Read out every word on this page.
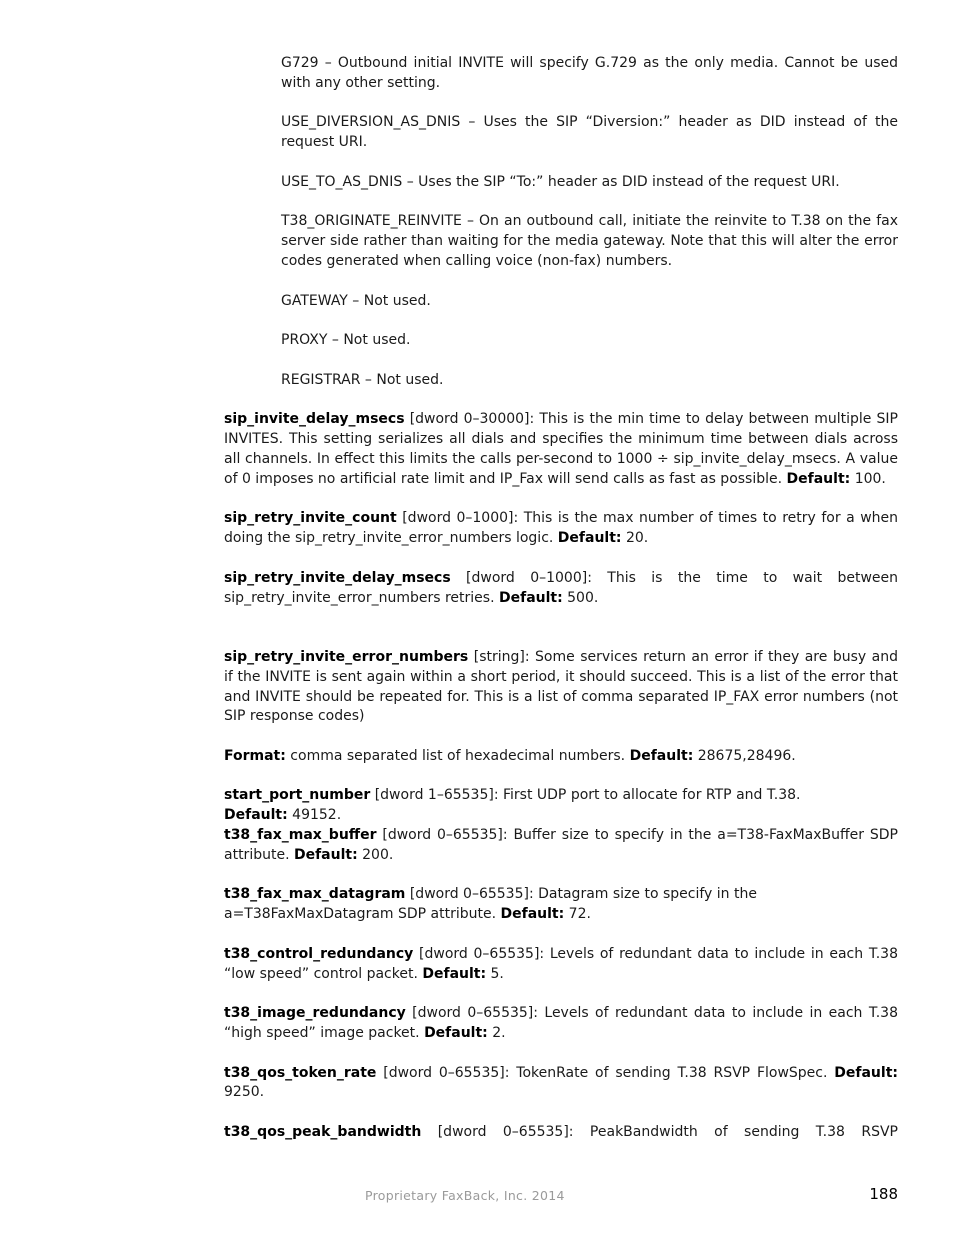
G729 – Outbound initial INVITE will specify G.729 as the only media. Cannot be used with any other setting.

USE_DIVERSION_AS_DNIS – Uses the SIP “Diversion:” header as DID instead of the request URI.

USE_TO_AS_DNIS – Uses the SIP “To:” header as DID instead of the request URI.

T38_ORIGINATE_REINVITE – On an outbound call, initiate the reinvite to T.38 on the fax server side rather than waiting for the media gateway. Note that this will alter the error codes generated when calling voice (non-fax) numbers.

GATEWAY – Not used.

PROXY – Not used.

REGISTRAR – Not used.

sip_invite_delay_msecs [dword 0–30000]: This is the min time to delay between multiple SIP INVITES. This setting serializes all dials and specifies the minimum time between dials across all channels. In effect this limits the calls per-second to 1000 ÷ sip_invite_delay_msecs. A value of 0 imposes no artificial rate limit and IP_Fax will send calls as fast as possible. Default: 100.

sip_retry_invite_count [dword 0–1000]: This is the max number of times to retry for a when doing the sip_retry_invite_error_numbers logic. Default: 20.

sip_retry_invite_delay_msecs [dword 0–1000]: This is the time to wait between sip_retry_invite_error_numbers retries. Default: 500.

sip_retry_invite_error_numbers [string]: Some services return an error if they are busy and if the INVITE is sent again within a short period, it should succeed. This is a list of the error that and INVITE should be repeated for. This is a list of comma separated IP_FAX error numbers (not SIP response codes)

Format: comma separated list of hexadecimal numbers. Default: 28675,28496.

start_port_number [dword 1–65535]: First UDP port to allocate for RTP and T.38.
Default: 49152.

t38_fax_max_buffer [dword 0–65535]: Buffer size to specify in the a=T38-FaxMaxBuffer SDP attribute. Default: 200.

t38_fax_max_datagram [dword 0–65535]: Datagram size to specify in the
a=T38FaxMaxDatagram SDP attribute. Default: 72.

t38_control_redundancy [dword 0–65535]: Levels of redundant data to include in each T.38 “low speed” control packet. Default: 5.

t38_image_redundancy [dword 0–65535]: Levels of redundant data to include in each T.38 “high speed” image packet. Default: 2.

t38_qos_token_rate [dword 0–65535]: TokenRate of sending T.38 RSVP FlowSpec. Default: 9250.

t38_qos_peak_bandwidth [dword 0–65535]: PeakBandwidth of sending T.38 RSVP

Proprietary FaxBack, Inc. 2014	188
